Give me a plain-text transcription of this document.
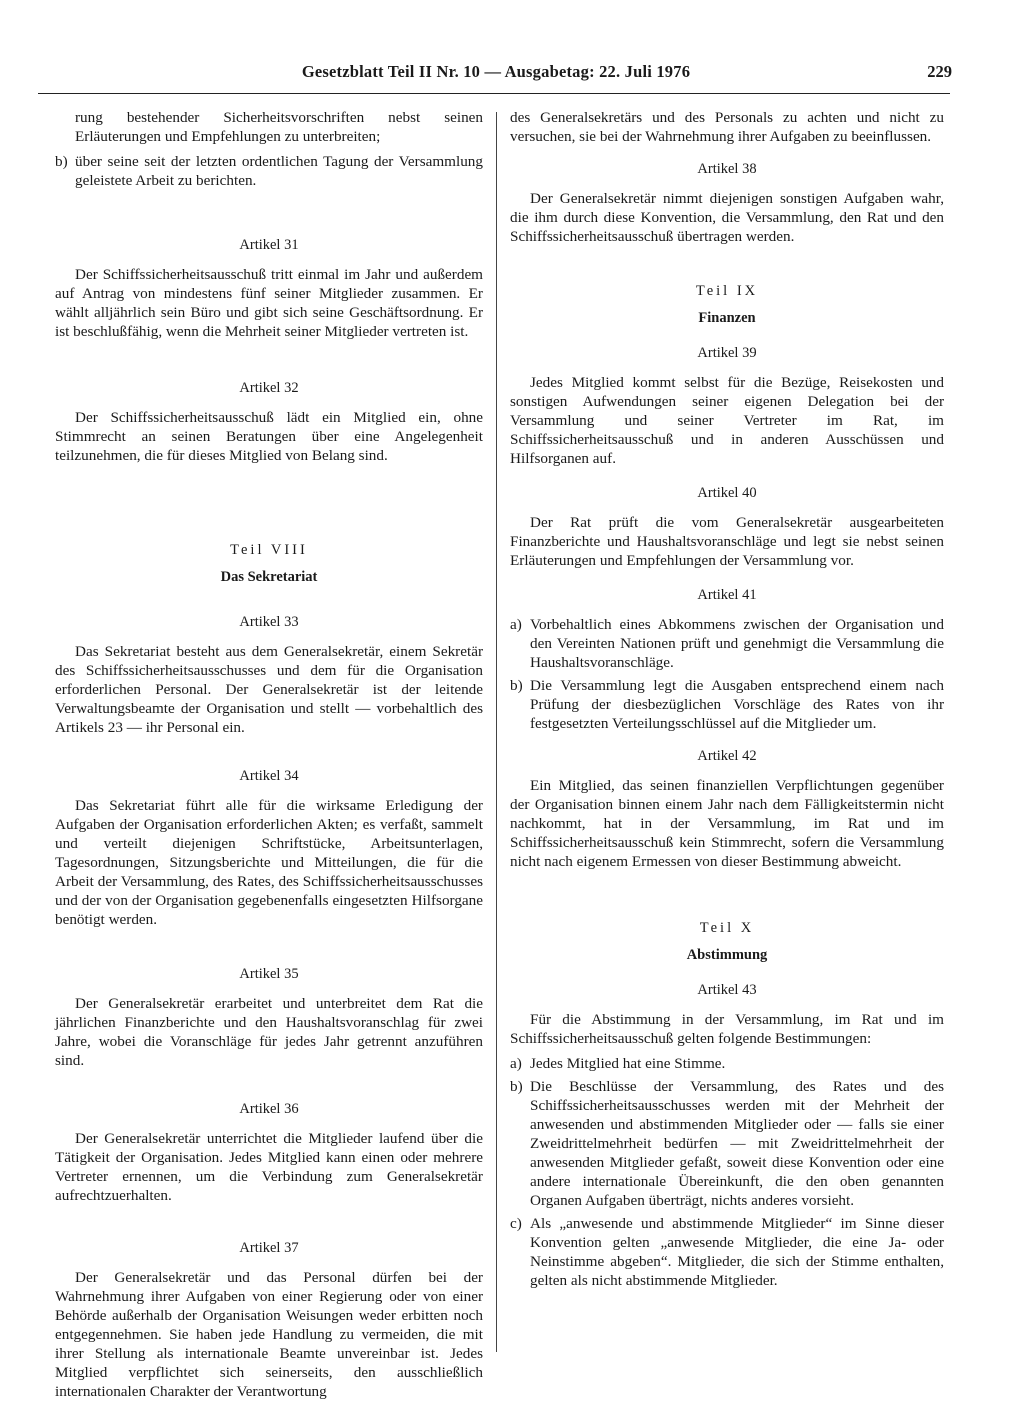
Gesetzblatt Teil II Nr. 10 — Ausgabetag: 22. Juli 1976	229
rung bestehender Sicherheitsvorschriften nebst seinen Erläuterungen und Empfehlungen zu unterbreiten;
b) über seine seit der letzten ordentlichen Tagung der Versammlung geleistete Arbeit zu berichten.

Artikel 31

Der Schiffssicherheitsausschuß tritt einmal im Jahr und außerdem auf Antrag von mindestens fünf seiner Mitglieder zusammen. Er wählt alljährlich sein Büro und gibt sich seine Geschäftsordnung. Er ist beschlußfähig, wenn die Mehrheit seiner Mitglieder vertreten ist.

Artikel 32

Der Schiffssicherheitsausschuß lädt ein Mitglied ein, ohne Stimmrecht an seinen Beratungen über eine Angelegenheit teilzunehmen, die für dieses Mitglied von Belang sind.

Teil VIII

Das Sekretariat

Artikel 33

Das Sekretariat besteht aus dem Generalsekretär, einem Sekretär des Schiffssicherheitsausschusses und dem für die Organisation erforderlichen Personal. Der Generalsekretär ist der leitende Verwaltungsbeamte der Organisation und stellt — vorbehaltlich des Artikels 23 — ihr Personal ein.

Artikel 34

Das Sekretariat führt alle für die wirksame Erledigung der Aufgaben der Organisation erforderlichen Akten; es verfaßt, sammelt und verteilt diejenigen Schriftstücke, Arbeitsunterlagen, Tagesordnungen, Sitzungsberichte und Mitteilungen, die für die Arbeit der Versammlung, des Rates, des Schiffssicherheitsausschusses und der von der Organisation gegebenenfalls eingesetzten Hilfsorgane benötigt werden.

Artikel 35

Der Generalsekretär erarbeitet und unterbreitet dem Rat die jährlichen Finanzberichte und den Haushaltsvoranschlag für zwei Jahre, wobei die Voranschläge für jedes Jahr getrennt anzuführen sind.

Artikel 36

Der Generalsekretär unterrichtet die Mitglieder laufend über die Tätigkeit der Organisation. Jedes Mitglied kann einen oder mehrere Vertreter ernennen, um die Verbindung zum Generalsekretär aufrechtzuerhalten.

Artikel 37

Der Generalsekretär und das Personal dürfen bei der Wahrnehmung ihrer Aufgaben von einer Regierung oder von einer Behörde außerhalb der Organisation Weisungen weder erbitten noch entgegennehmen. Sie haben jede Handlung zu vermeiden, die mit ihrer Stellung als internationale Beamte unvereinbar ist. Jedes Mitglied verpflichtet sich seinerseits, den ausschließlich internationalen Charakter der Verantwortung

des Generalsekretärs und des Personals zu achten und nicht zu versuchen, sie bei der Wahrnehmung ihrer Aufgaben zu beeinflussen.

Artikel 38

Der Generalsekretär nimmt diejenigen sonstigen Aufgaben wahr, die ihm durch diese Konvention, die Versammlung, den Rat und den Schiffssicherheitsausschuß übertragen werden.

Teil IX

Finanzen

Artikel 39

Jedes Mitglied kommt selbst für die Bezüge, Reisekosten und sonstigen Aufwendungen seiner eigenen Delegation bei der Versammlung und seiner Vertreter im Rat, im Schiffssicherheitsausschuß und in anderen Ausschüssen und Hilfsorganen auf.

Artikel 40

Der Rat prüft die vom Generalsekretär ausgearbeiteten Finanzberichte und Haushaltsvoranschläge und legt sie nebst seinen Erläuterungen und Empfehlungen der Versammlung vor.

Artikel 41

a) Vorbehaltlich eines Abkommens zwischen der Organisation und den Vereinten Nationen prüft und genehmigt die Versammlung die Haushaltsvoranschläge.
b) Die Versammlung legt die Ausgaben entsprechend einem nach Prüfung der diesbezüglichen Vorschläge des Rates von ihr festgesetzten Verteilungsschlüssel auf die Mitglieder um.

Artikel 42

Ein Mitglied, das seinen finanziellen Verpflichtungen gegenüber der Organisation binnen einem Jahr nach dem Fälligkeitstermin nicht nachkommt, hat in der Versammlung, im Rat und im Schiffssicherheitsausschuß kein Stimmrecht, sofern die Versammlung nicht nach eigenem Ermessen von dieser Bestimmung abweicht.

Teil X

Abstimmung

Artikel 43

Für die Abstimmung in der Versammlung, im Rat und im Schiffssicherheitsausschuß gelten folgende Bestimmungen:

a) Jedes Mitglied hat eine Stimme.
b) Die Beschlüsse der Versammlung, des Rates und des Schiffssicherheitsausschusses werden mit der Mehrheit der anwesenden und abstimmenden Mitglieder oder — falls sie einer Zweidrittelmehrheit bedürfen — mit Zweidrittelmehrheit der anwesenden Mitglieder gefaßt, soweit diese Konvention oder eine andere internationale Übereinkunft, die den oben genannten Organen Aufgaben überträgt, nichts anderes vorsieht.
c) Als „anwesende und abstimmende Mitglieder“ im Sinne dieser Konvention gelten „anwesende Mitglieder, die eine Ja- oder Neinstimme abgeben“. Mitglieder, die sich der Stimme enthalten, gelten als nicht abstimmende Mitglieder.
